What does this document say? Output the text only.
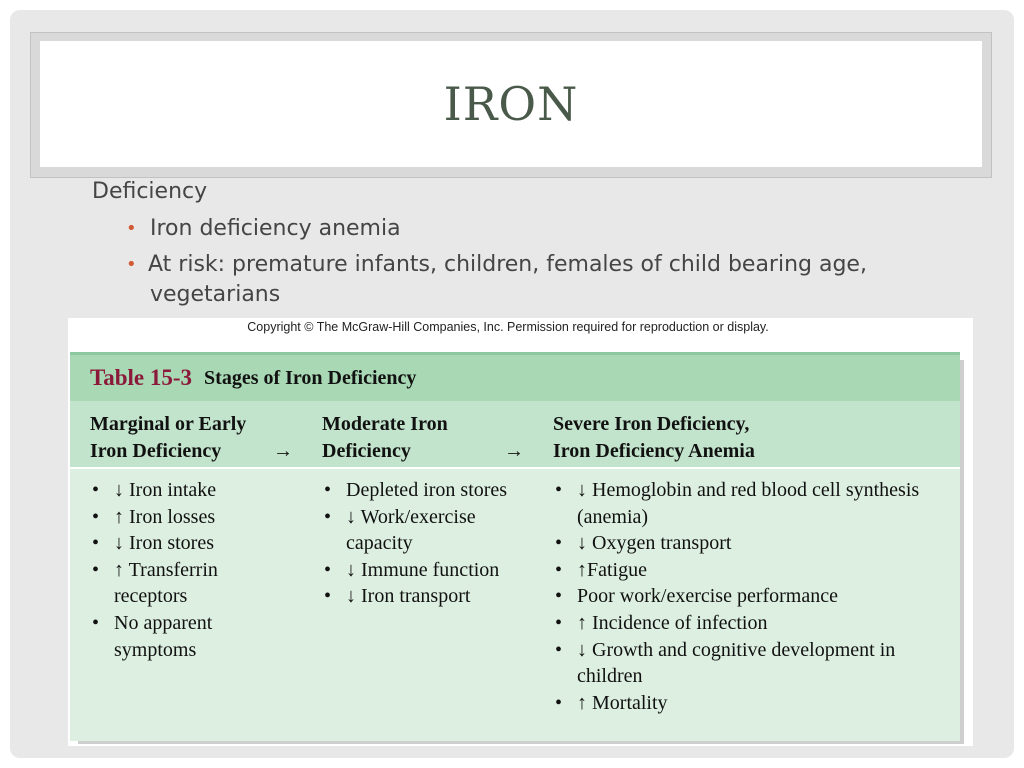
IRON
Deficiency
• Iron deficiency anemia
• At risk: premature infants, children, females of child bearing age, vegetarians
Copyright © The McGraw-Hill Companies, Inc. Permission required for reproduction or display.
Table 15-3 Stages of Iron Deficiency
Marginal or Early
Iron Deficiency	→
Moderate Iron
Deficiency	→
Severe Iron Deficiency,
Iron Deficiency Anemia
• ↓ Iron intake
• ↑ Iron losses
• ↓ Iron stores
• ↑ Transferrin receptors
• No apparent symptoms
• Depleted iron stores
• ↓ Work/exercise capacity
• ↓ Immune function
• ↓ Iron transport
• ↓ Hemoglobin and red blood cell synthesis (anemia)
• ↓ Oxygen transport
• ↑Fatigue
• Poor work/exercise performance
• ↑ Incidence of infection
• ↓ Growth and cognitive development in children
• ↑ Mortality
